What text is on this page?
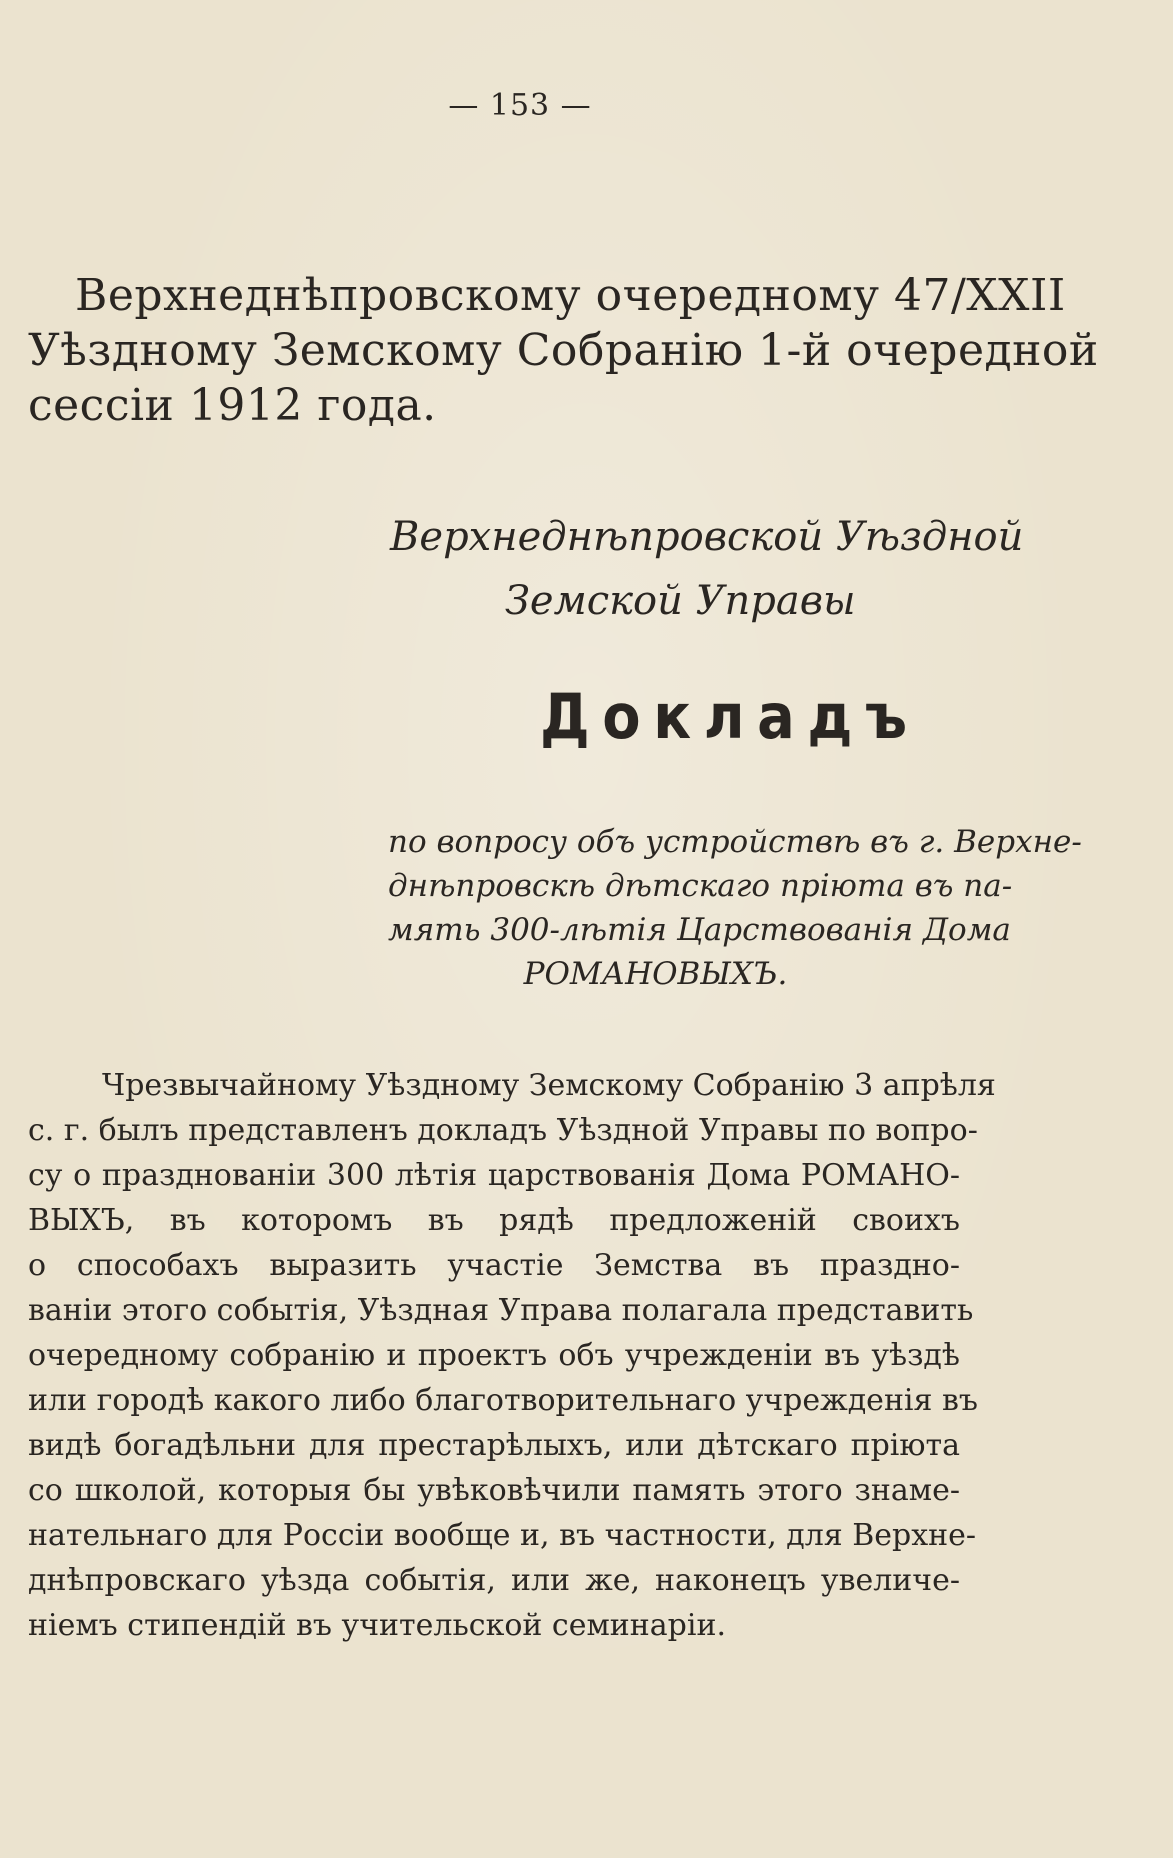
— 153 —
Верхнеднѣпровскому очередному 47/XXII
Уѣздному Земскому Собранію 1-й очередной
сессіи 1912 года.
Верхнеднѣпровской Уѣздной
Земской Управы
Докладъ
по вопросу объ устройствѣ въ г. Верхне-
днѣпровскѣ дѣтскаго пріюта въ па-
мять 300-лѣтія Царствованія Дома
РОМАНОВЫХЪ.
Чрезвычайному Уѣздному Земскому Собранію 3 апрѣля
с. г. былъ представленъ докладъ Уѣздной Управы по вопро-
су о праздновaніи 300 лѣтія царствованія Дома РОМАНО-
ВЫХЪ, въ которомъ въ рядѣ предложеній своихъ
о способахъ выразить участіе Земства въ праздно-
ваніи этого событія, Уѣздная Управа полагала представить
очередному собранію и проектъ объ учрежденіи въ уѣздѣ
или городѣ какого либо благотворительнаго учрежденія въ
видѣ богадѣльни для престарѣлыхъ, или дѣтскаго пріюта
со школой, которыя бы увѣковѣчили память этого знаме-
нательнаго для Россіи вообще и, въ частности, для Верхне-
днѣпровскаго уѣзда событія, или же, наконецъ увеличе-
ніемъ стипендій въ учительской семинаріи.
